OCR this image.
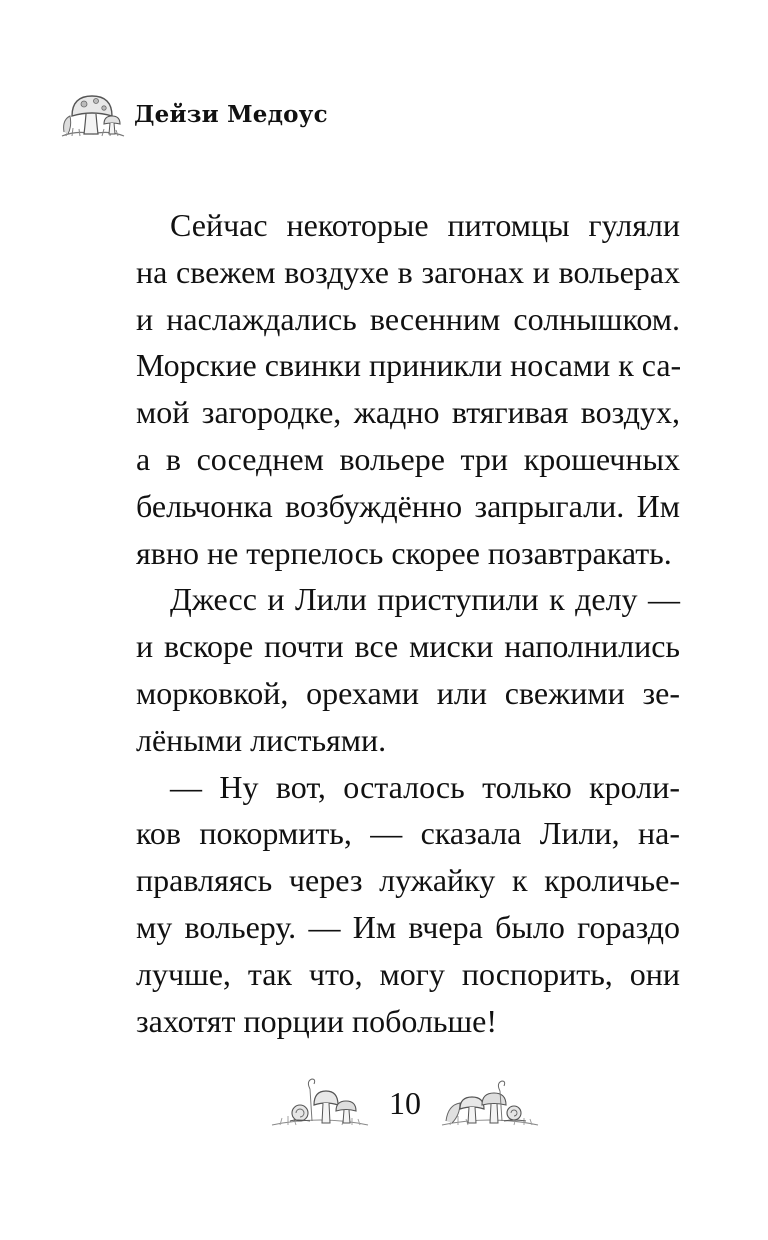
Дейзи Медоус
Сейчас некоторые питомцы гуляли
на свежем воздухе в загонах и вольерах
и наслаждались весенним солнышком.
Морские свинки приникли носами к са-
мой загородке, жадно втягивая воздух,
а в соседнем вольере три крошечных
бельчонка возбуждённо запрыгали. Им
явно не терпелось скорее позавтракать.
Джесс и Лили приступили к делу —
и вскоре почти все миски наполнились
морковкой, орехами или свежими зе-
лёными листьями.
— Ну вот, осталось только кроли-
ков покормить, — сказала Лили, на-
правляясь через лужайку к кроличье-
му вольеру. — Им вчера было гораздо
лучше, так что, могу поспорить, они
захотят порции побольше!
10
